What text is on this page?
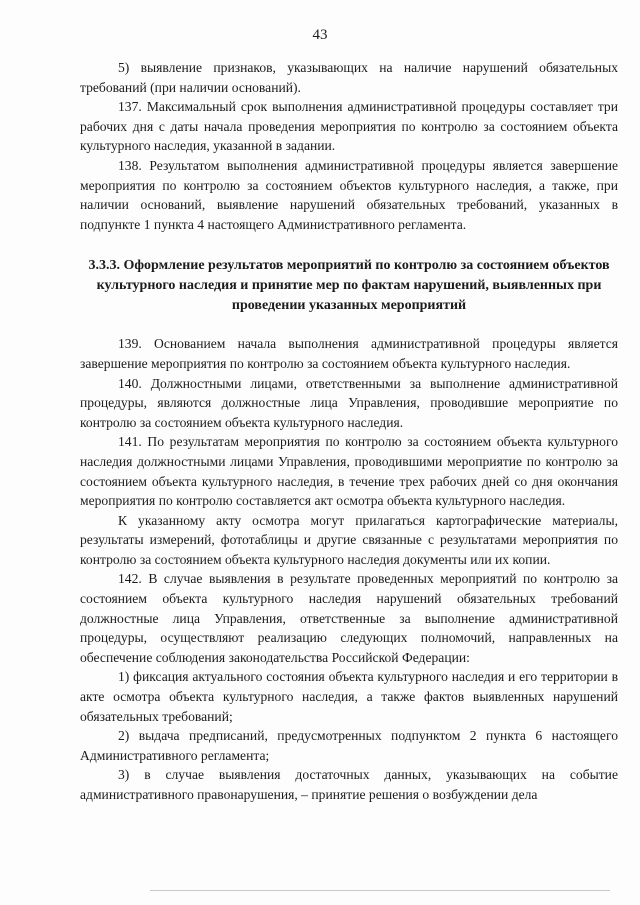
43

5) выявление признаков, указывающих на наличие нарушений обязательных требований (при наличии оснований).

137. Максимальный срок выполнения административной процедуры составляет три рабочих дня с даты начала проведения мероприятия по контролю за состоянием объекта культурного наследия, указанной в задании.

138. Результатом выполнения административной процедуры является завершение мероприятия по контролю за состоянием объектов культурного наследия, а также, при наличии оснований, выявление нарушений обязательных требований, указанных в подпункте 1 пункта 4 настоящего Административного регламента.

3.3.3. Оформление результатов мероприятий по контролю за состоянием объектов культурного наследия и принятие мер по фактам нарушений, выявленных при проведении указанных мероприятий

139. Основанием начала выполнения административной процедуры является завершение мероприятия по контролю за состоянием объекта культурного наследия.

140. Должностными лицами, ответственными за выполнение административной процедуры, являются должностные лица Управления, проводившие мероприятие по контролю за состоянием объекта культурного наследия.

141. По результатам мероприятия по контролю за состоянием объекта культурного наследия должностными лицами Управления, проводившими мероприятие по контролю за состоянием объекта культурного наследия, в течение трех рабочих дней со дня окончания мероприятия по контролю составляется акт осмотра объекта культурного наследия.

К указанному акту осмотра могут прилагаться картографические материалы, результаты измерений, фототаблицы и другие связанные с результатами мероприятия по контролю за состоянием объекта культурного наследия документы или их копии.

142. В случае выявления в результате проведенных мероприятий по контролю за состоянием объекта культурного наследия нарушений обязательных требований должностные лица Управления, ответственные за выполнение административной процедуры, осуществляют реализацию следующих полномочий, направленных на обеспечение соблюдения законодательства Российской Федерации:

1) фиксация актуального состояния объекта культурного наследия и его территории в акте осмотра объекта культурного наследия, а также фактов выявленных нарушений обязательных требований;

2) выдача предписаний, предусмотренных подпунктом 2 пункта 6 настоящего Административного регламента;

3) в случае выявления достаточных данных, указывающих на событие административного правонарушения, – принятие решения о возбуждении дела
